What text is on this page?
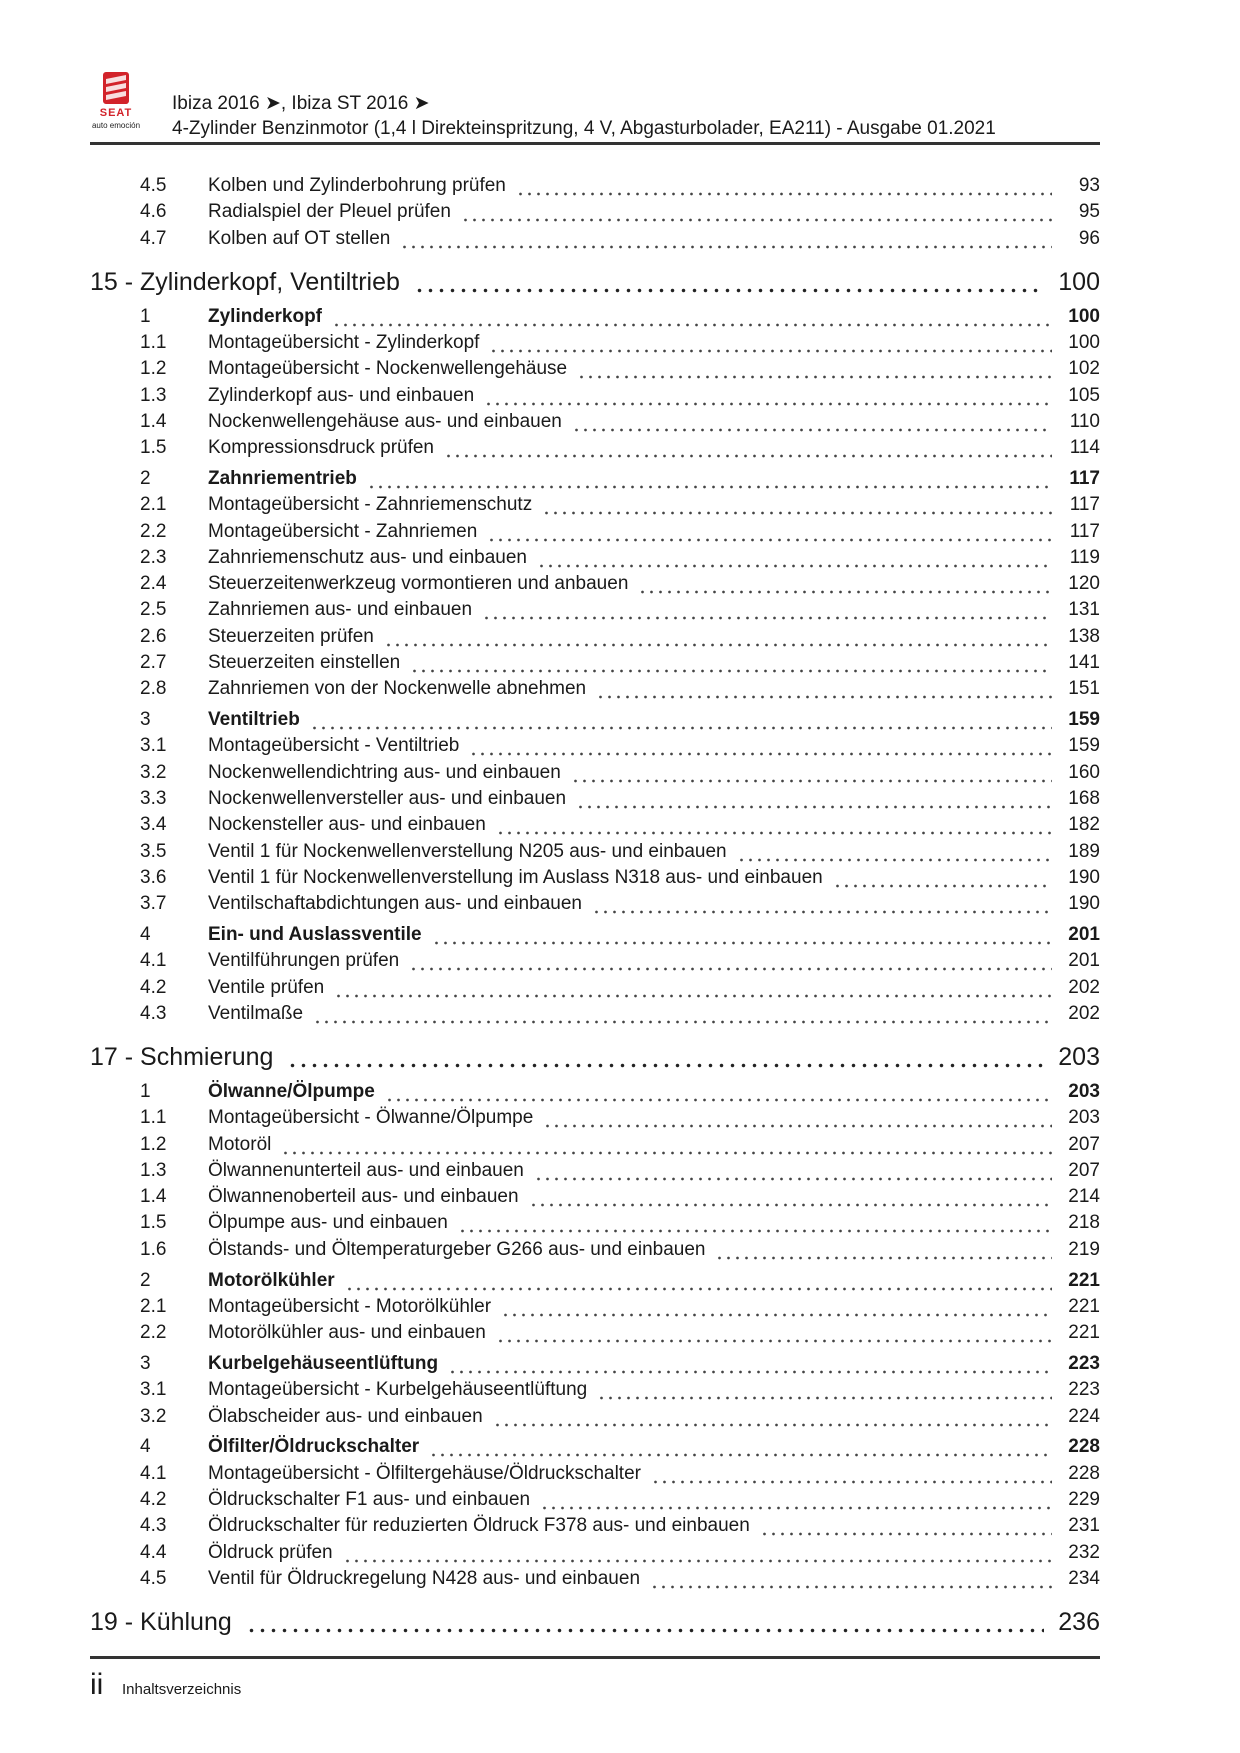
SEAT
auto emoción
Ibiza 2016 ➤, Ibiza ST 2016 ➤
4-Zylinder Benzinmotor (1,4 l Direkteinspritzung, 4 V, Abgasturbolader, EA211) - Ausgabe 01.2021
4.5 Kolben und Zylinderbohrung prüfen	93
4.6 Radialspiel der Pleuel prüfen	95
4.7 Kolben auf OT stellen	96
15 - Zylinderkopf, Ventiltrieb	100
1	Zylinderkopf	100
1.1 Montageübersicht - Zylinderkopf	100
1.2 Montageübersicht - Nockenwellengehäuse	102
1.3 Zylinderkopf aus- und einbauen	105
1.4 Nockenwellengehäuse aus- und einbauen	110
1.5 Kompressionsdruck prüfen	114
2	Zahnriementrieb	117
2.1 Montageübersicht - Zahnriemenschutz	117
2.2 Montageübersicht - Zahnriemen	117
2.3 Zahnriemenschutz aus- und einbauen	119
2.4 Steuerzeitenwerkzeug vormontieren und anbauen	120
2.5 Zahnriemen aus- und einbauen	131
2.6 Steuerzeiten prüfen	138
2.7 Steuerzeiten einstellen	141
2.8 Zahnriemen von der Nockenwelle abnehmen	151
3	Ventiltrieb	159
3.1 Montageübersicht - Ventiltrieb	159
3.2 Nockenwellendichtring aus- und einbauen	160
3.3 Nockenwellenversteller aus- und einbauen	168
3.4 Nockensteller aus- und einbauen	182
3.5 Ventil 1 für Nockenwellenverstellung N205 aus- und einbauen	189
3.6 Ventil 1 für Nockenwellenverstellung im Auslass N318 aus- und einbauen	190
3.7 Ventilschaftabdichtungen aus- und einbauen	190
4	Ein- und Auslassventile	201
4.1 Ventilführungen prüfen	201
4.2 Ventile prüfen	202
4.3 Ventilmaße	202
17 - Schmierung	203
1	Ölwanne/Ölpumpe	203
1.1 Montageübersicht - Ölwanne/Ölpumpe	203
1.2 Motoröl	207
1.3 Ölwannenunterteil aus- und einbauen	207
1.4 Ölwannenoberteil aus- und einbauen	214
1.5 Ölpumpe aus- und einbauen	218
1.6 Ölstands- und Öltemperaturgeber G266 aus- und einbauen	219
2	Motorölkühler	221
2.1 Montageübersicht - Motorölkühler	221
2.2 Motorölkühler aus- und einbauen	221
3	Kurbelgehäuseentlüftung	223
3.1 Montageübersicht - Kurbelgehäuseentlüftung	223
3.2 Ölabscheider aus- und einbauen	224
4	Ölfilter/Öldruckschalter	228
4.1 Montageübersicht - Ölfiltergehäuse/Öldruckschalter	228
4.2 Öldruckschalter F1 aus- und einbauen	229
4.3 Öldruckschalter für reduzierten Öldruck F378 aus- und einbauen	231
4.4 Öldruck prüfen	232
4.5 Ventil für Öldruckregelung N428 aus- und einbauen	234
19 - Kühlung	236
ii Inhaltsverzeichnis
